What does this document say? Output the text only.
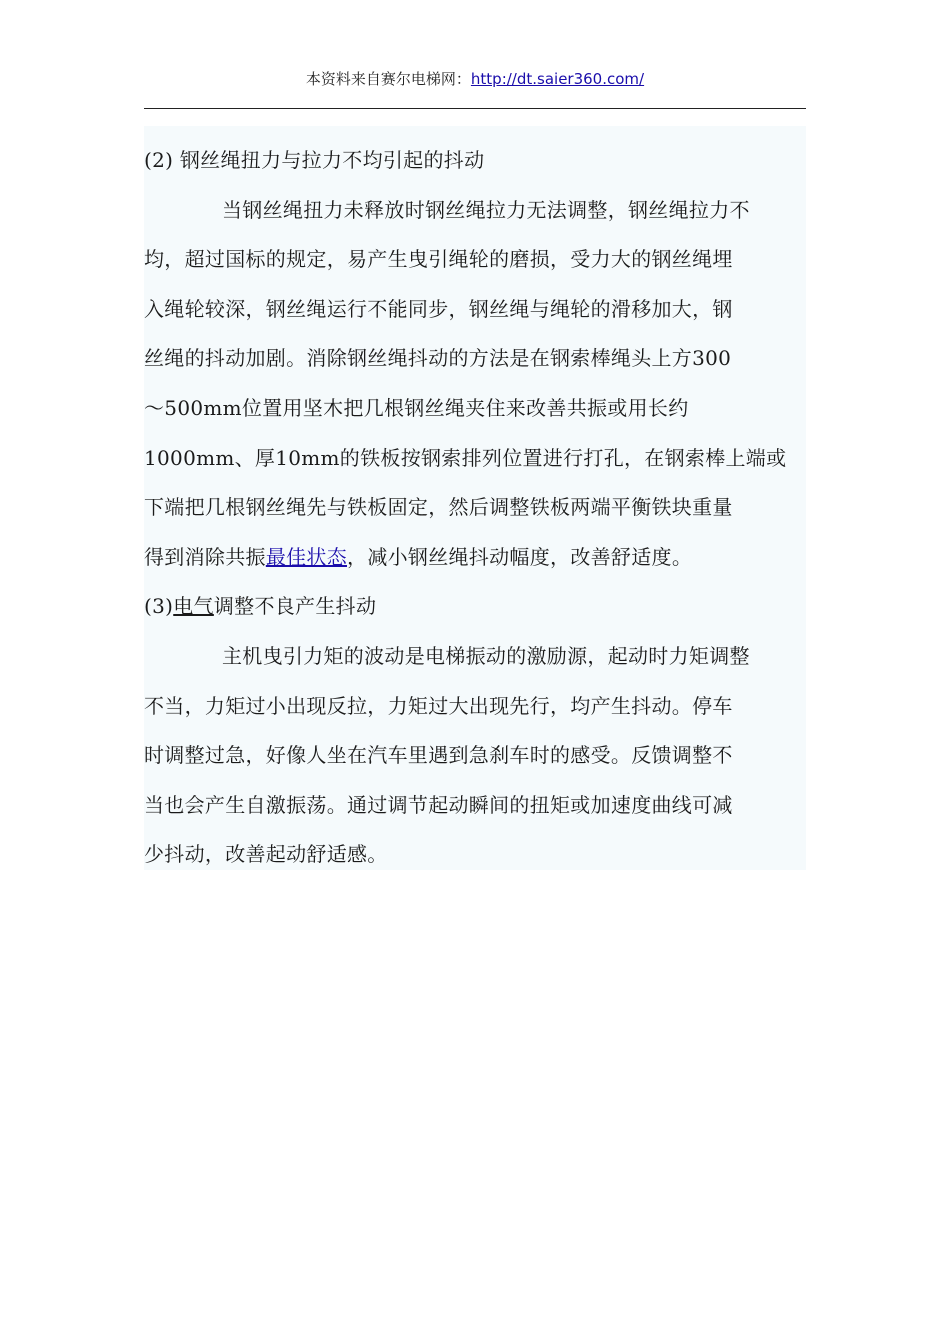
本资料来自赛尔电梯网：http://dt.saier360.com/
(2) 钢丝绳扭力与拉力不均引起的抖动
当钢丝绳扭力未释放时钢丝绳拉力无法调整，钢丝绳拉力不
均，超过国标的规定，易产生曳引绳轮的磨损，受力大的钢丝绳埋
入绳轮较深，钢丝绳运行不能同步，钢丝绳与绳轮的滑移加大，钢
丝绳的抖动加剧。消除钢丝绳抖动的方法是在钢索棒绳头上方300
～500mm位置用坚木把几根钢丝绳夹住来改善共振或用长约
1000mm、厚10mm的铁板按钢索排列位置进行打孔，在钢索棒上端或
下端把几根钢丝绳先与铁板固定，然后调整铁板两端平衡铁块重量
得到消除共振最佳状态，减小钢丝绳抖动幅度，改善舒适度。
(3)电气调整不良产生抖动
主机曳引力矩的波动是电梯振动的激励源，起动时力矩调整
不当，力矩过小出现反拉，力矩过大出现先行，均产生抖动。停车
时调整过急，好像人坐在汽车里遇到急刹车时的感受。反馈调整不
当也会产生自激振荡。通过调节起动瞬间的扭矩或加速度曲线可减
少抖动，改善起动舒适感。
